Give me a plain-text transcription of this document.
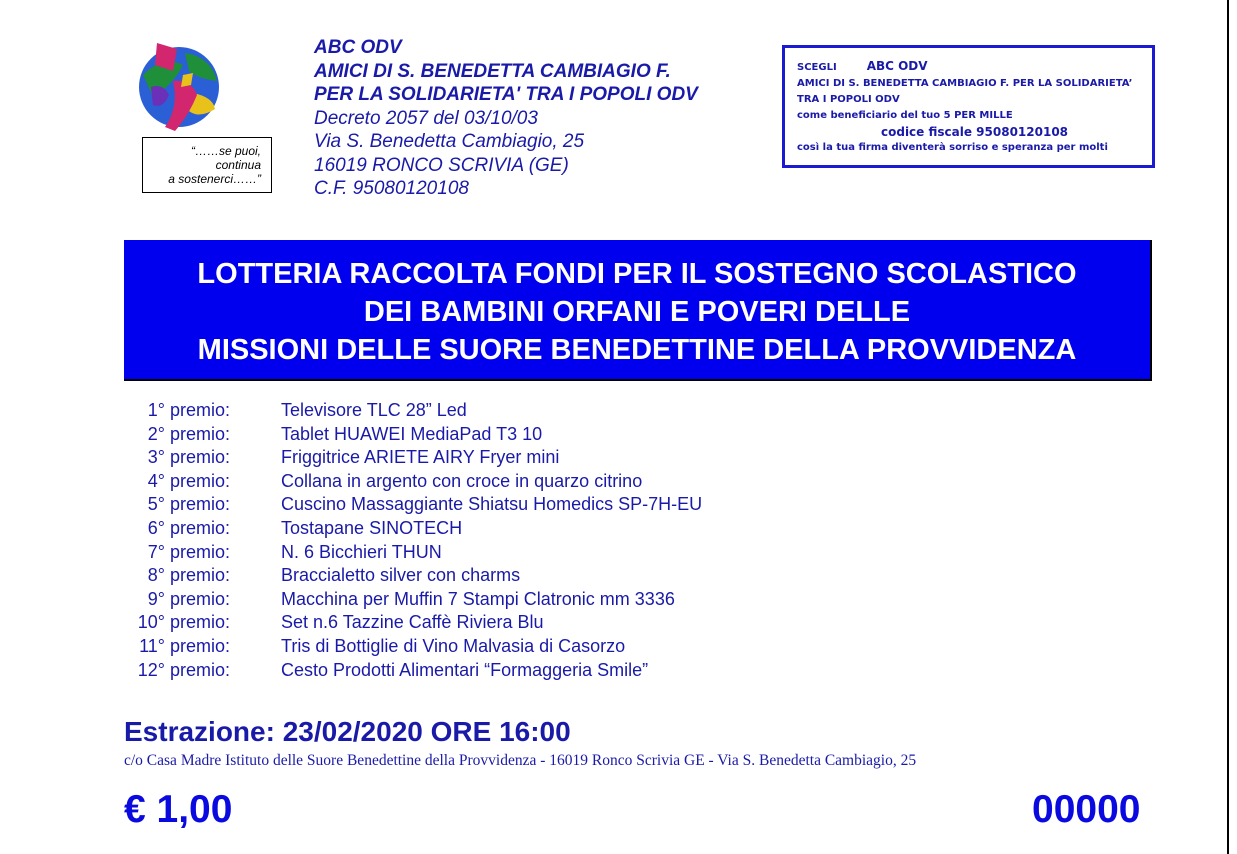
“……se puoi,
continua
a sostenerci……”
ABC ODV
AMICI DI S. BENEDETTA CAMBIAGIO F.
PER LA SOLIDARIETA' TRA I POPOLI ODV
Decreto 2057 del 03/10/03
Via S. Benedetta Cambiagio, 25
16019 RONCO SCRIVIA (GE)
C.F. 95080120108
SCEGLI	ABC ODV
AMICI DI S. BENEDETTA CAMBIAGIO F. PER LA SOLIDARIETA’
TRA I POPOLI ODV
come beneficiario del tuo 5 PER MILLE
codice fiscale 95080120108
così la tua firma diventerà sorriso e speranza per molti
LOTTERIA RACCOLTA FONDI PER IL SOSTEGNO SCOLASTICO
DEI BAMBINI ORFANI E POVERI DELLE
MISSIONI DELLE SUORE BENEDETTINE DELLA PROVVIDENZA
1° premio:	Televisore TLC 28” Led
2° premio:	Tablet HUAWEI MediaPad T3 10
3° premio:	Friggitrice ARIETE AIRY Fryer mini
4° premio:	Collana in argento con croce in quarzo citrino
5° premio:	Cuscino Massaggiante Shiatsu Homedics SP-7H-EU
6° premio:	Tostapane SINOTECH
7° premio:	N. 6 Bicchieri THUN
8° premio:	Braccialetto silver con charms
9° premio:	Macchina per Muffin 7 Stampi Clatronic mm 3336
10° premio:	Set n.6 Tazzine Caffè Riviera Blu
11° premio:	Tris di Bottiglie di Vino Malvasia di Casorzo
12° premio:	Cesto Prodotti Alimentari “Formaggeria Smile”
Estrazione: 23/02/2020 ORE 16:00
c/o Casa Madre Istituto delle Suore Benedettine della Provvidenza - 16019 Ronco Scrivia GE - Via S. Benedetta Cambiagio, 25
€ 1,00	00000
